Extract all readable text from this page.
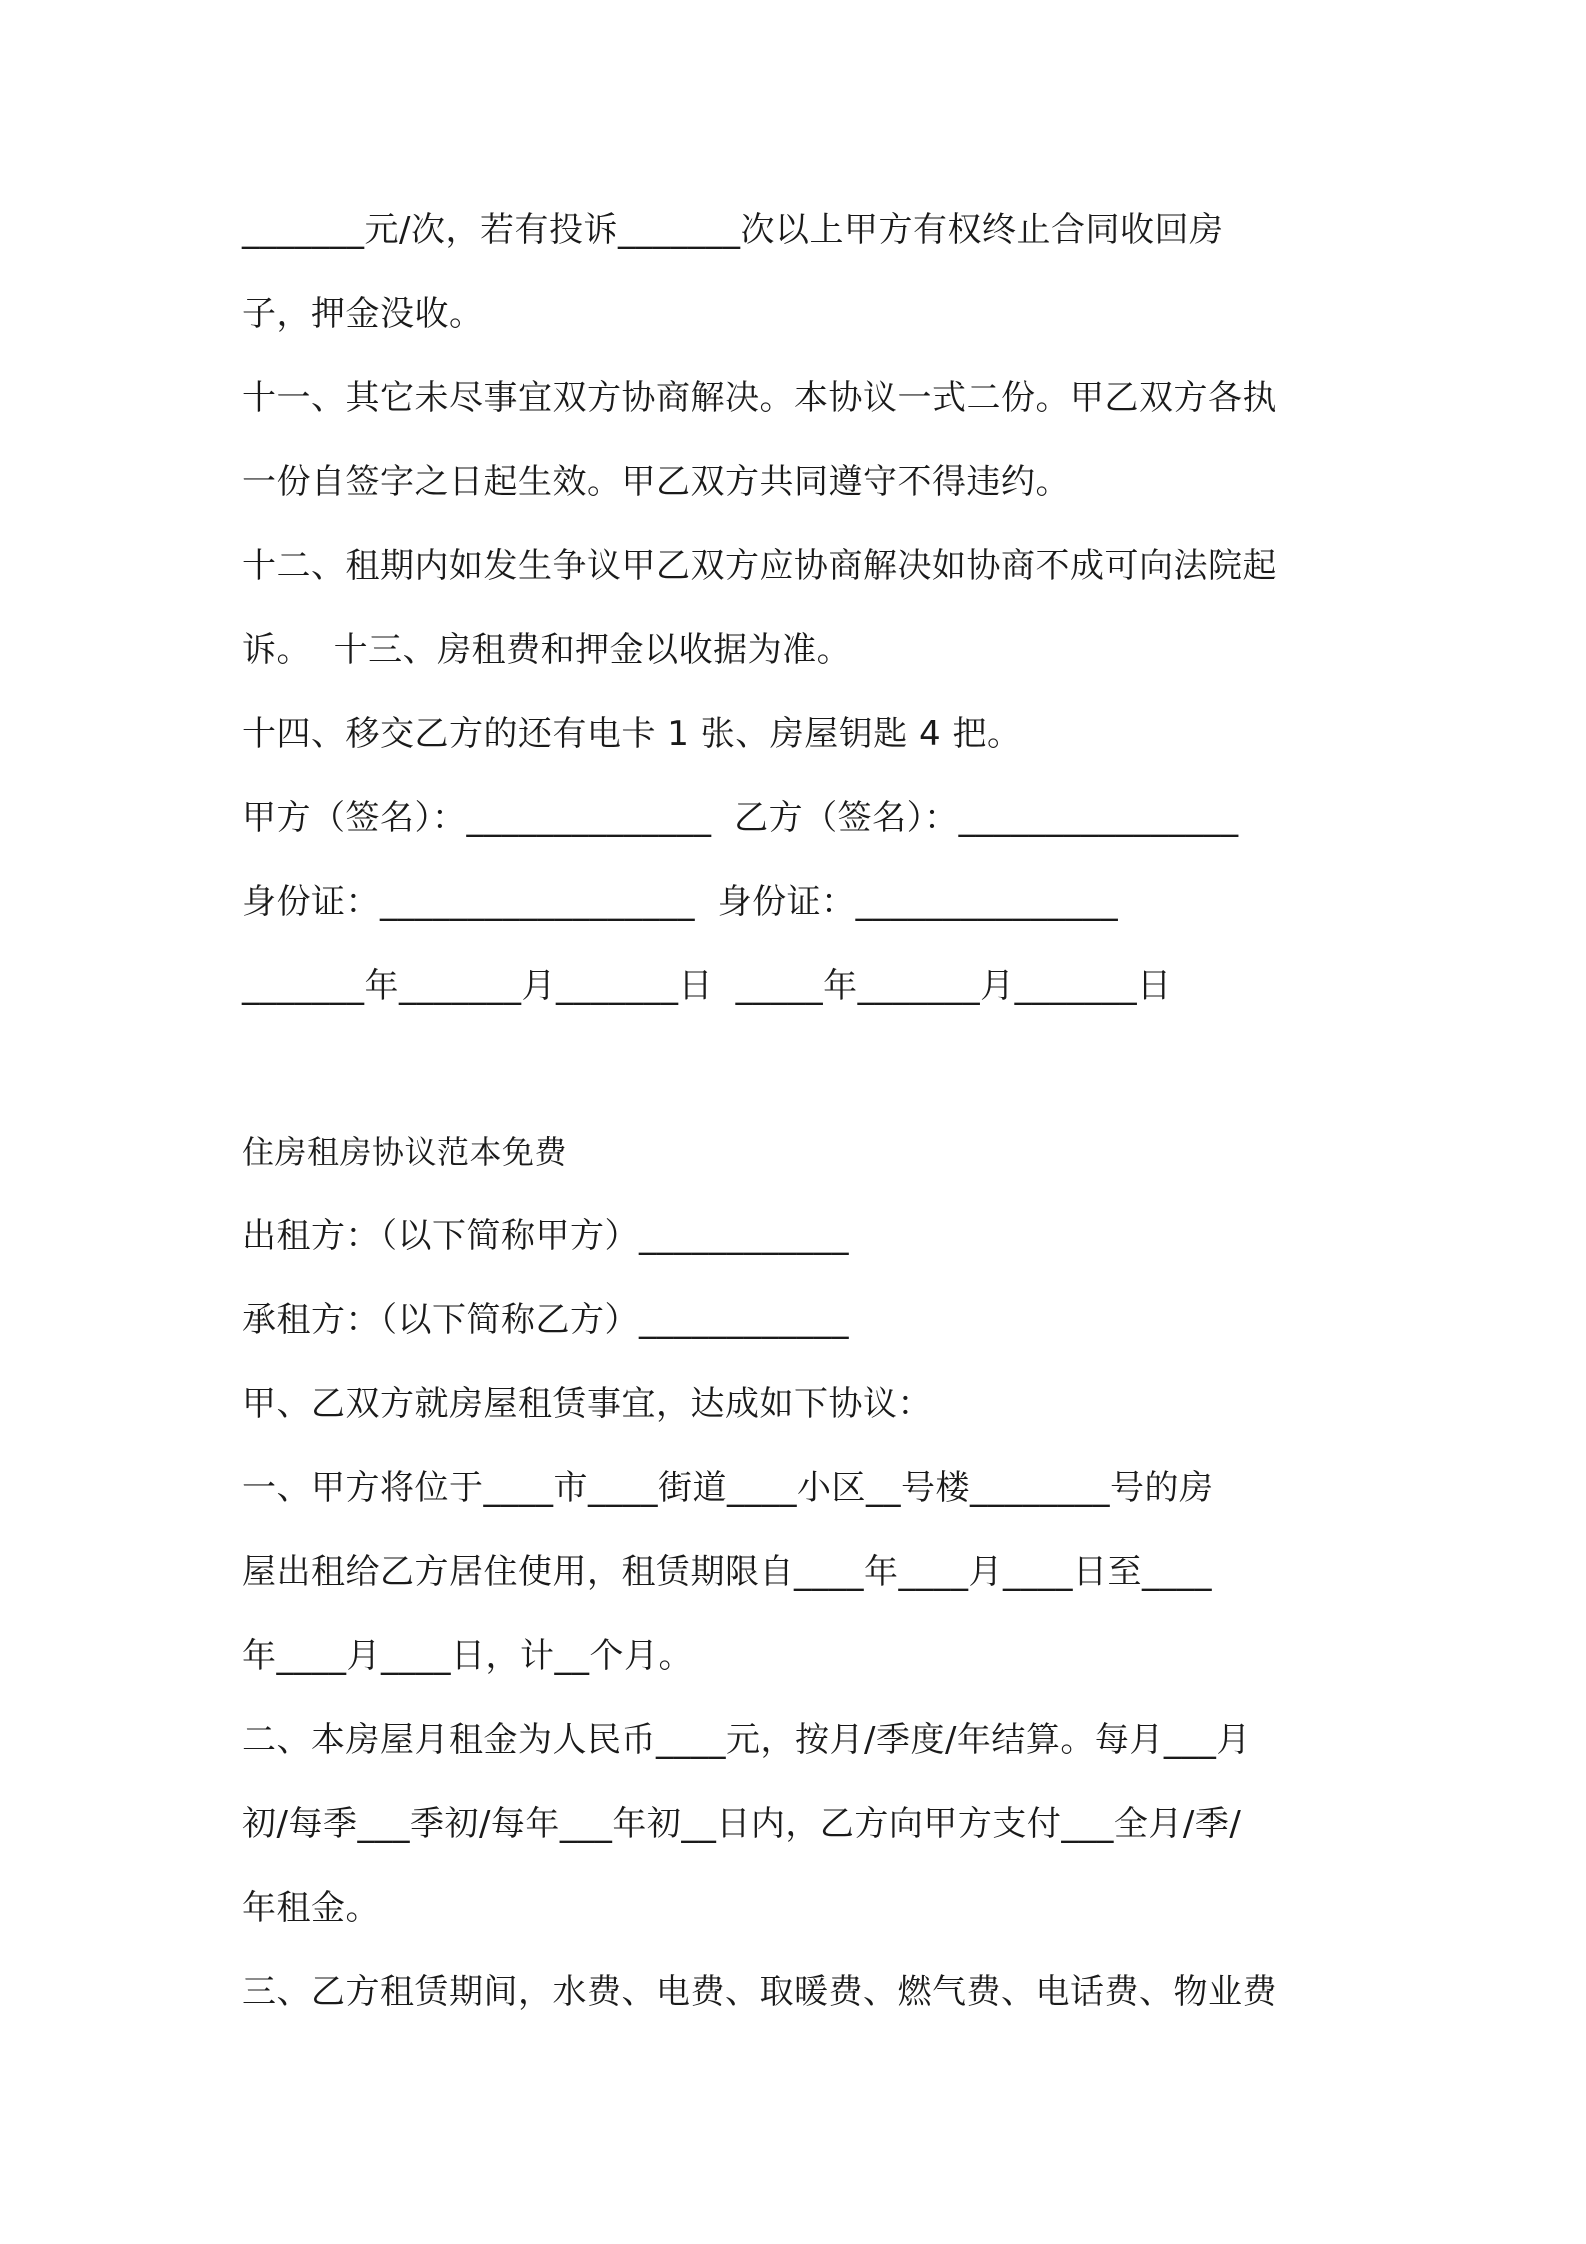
_______元/次，若有投诉_______次以上甲方有权终止合同收回房
子，押金没收。
十一、其它未尽事宜双方协商解决。本协议一式二份。甲乙双方各执
一份自签字之日起生效。甲乙双方共同遵守不得违约。
十二、租期内如发生争议甲乙双方应协商解决如协商不成可向法院起
诉。  十三、房租费和押金以收据为准。
十四、移交乙方的还有电卡 1 张、房屋钥匙 4 把。
甲方（签名）：______________  乙方（签名）：________________
身份证：__________________  身份证：_______________
_______年_______月_______日  _____年_______月_______日
住房租房协议范本免费
出租方：（以下简称甲方）____________
承租方：（以下简称乙方）____________
甲、乙双方就房屋租赁事宜，达成如下协议：
一、甲方将位于____市____街道____小区__号楼________号的房
屋出租给乙方居住使用，租赁期限自____年____月____日至____
年____月____日，计__个月。
二、本房屋月租金为人民币____元，按月/季度/年结算。每月___月
初/每季___季初/每年___年初__日内，乙方向甲方支付___全月/季/
年租金。
三、乙方租赁期间，水费、电费、取暖费、燃气费、电话费、物业费
